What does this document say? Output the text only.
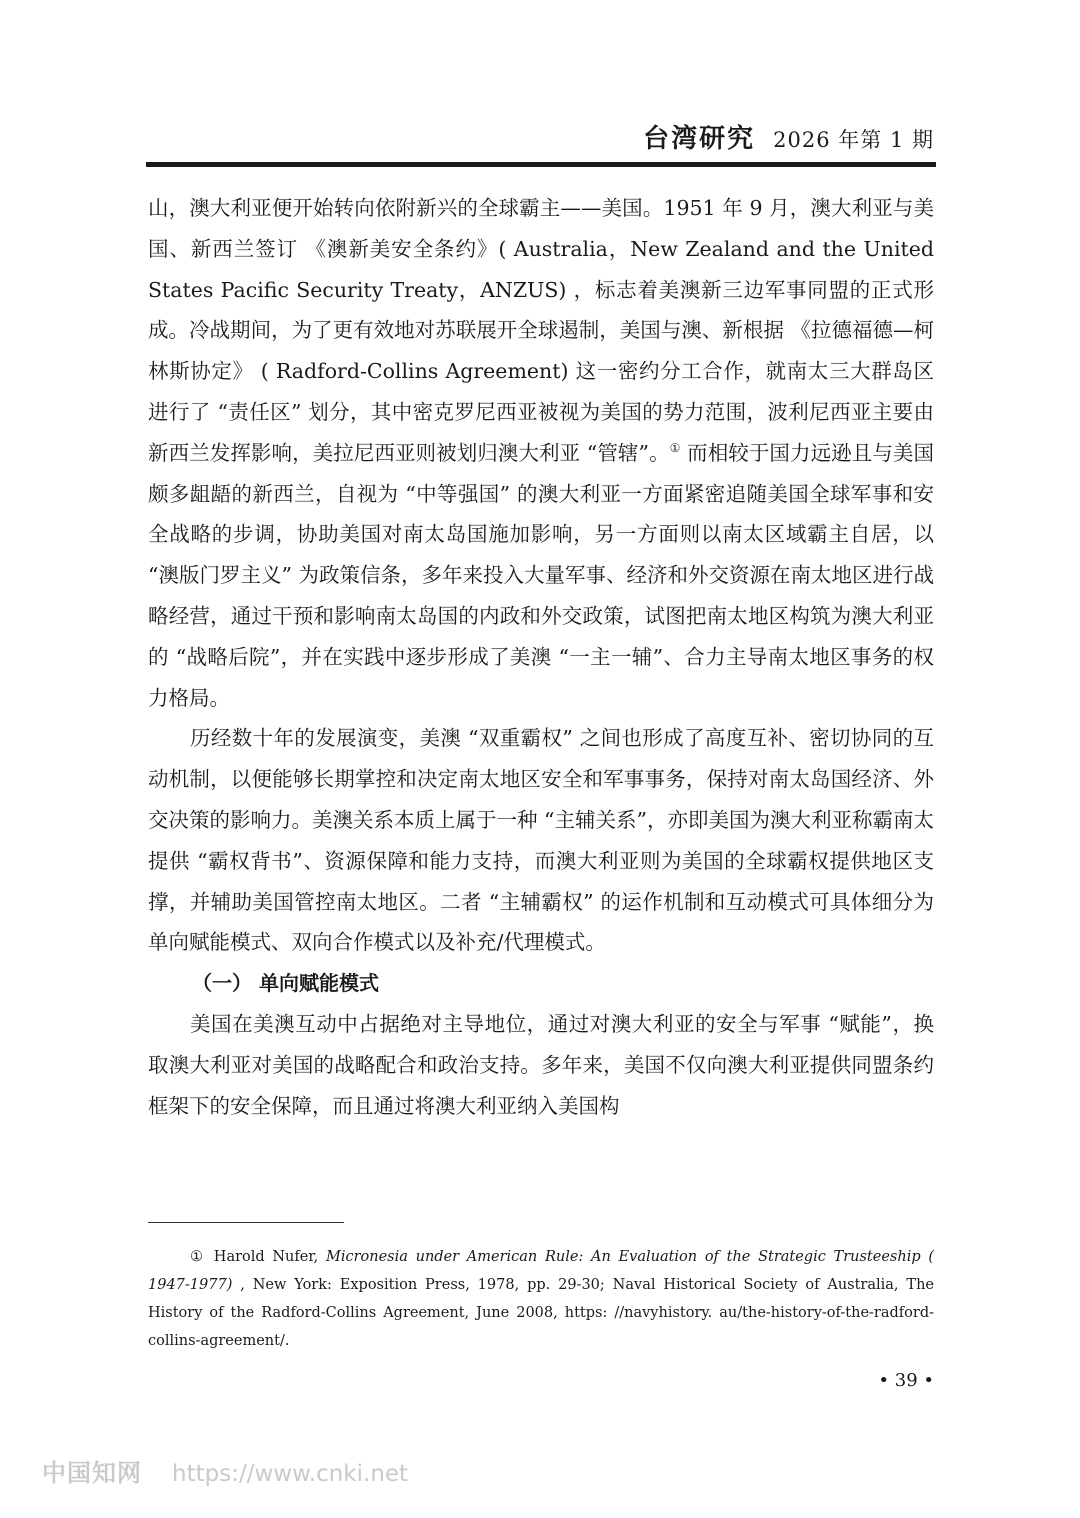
台湾研究 2026 年第 1 期

山，澳大利亚便开始转向依附新兴的全球霸主——美国。1951 年 9 月，澳大利亚与美国、新西兰签订 《澳新美安全条约》( Australia，New Zealand and the United States Pacific Security Treaty，ANZUS) ，标志着美澳新三边军事同盟的正式形成。冷战期间，为了更有效地对苏联展开全球遏制，美国与澳、新根据 《拉德福德—柯林斯协定》 ( Radford-Collins Agreement) 这一密约分工合作，就南太三大群岛区进行了 “责任区” 划分，其中密克罗尼西亚被视为美国的势力范围，波利尼西亚主要由新西兰发挥影响，美拉尼西亚则被划归澳大利亚 “管辖”。① 而相较于国力远逊且与美国颇多龃龉的新西兰，自视为 “中等强国” 的澳大利亚一方面紧密追随美国全球军事和安全战略的步调，协助美国对南太岛国施加影响，另一方面则以南太区域霸主自居，以 “澳版门罗主义” 为政策信条，多年来投入大量军事、经济和外交资源在南太地区进行战略经营，通过干预和影响南太岛国的内政和外交政策，试图把南太地区构筑为澳大利亚的 “战略后院”，并在实践中逐步形成了美澳 “一主一辅”、合力主导南太地区事务的权力格局。

历经数十年的发展演变，美澳 “双重霸权” 之间也形成了高度互补、密切协同的互动机制，以便能够长期掌控和决定南太地区安全和军事事务，保持对南太岛国经济、外交决策的影响力。美澳关系本质上属于一种 “主辅关系”，亦即美国为澳大利亚称霸南太提供 “霸权背书”、资源保障和能力支持，而澳大利亚则为美国的全球霸权提供地区支撑，并辅助美国管控南太地区。二者 “主辅霸权” 的运作机制和互动模式可具体细分为单向赋能模式、双向合作模式以及补充/代理模式。

（一） 单向赋能模式

美国在美澳互动中占据绝对主导地位，通过对澳大利亚的安全与军事 “赋能”，换取澳大利亚对美国的战略配合和政治支持。多年来，美国不仅向澳大利亚提供同盟条约框架下的安全保障，而且通过将澳大利亚纳入美国构

① Harold Nufer, Micronesia under American Rule: An Evaluation of the Strategic Trusteeship ( 1947-1977) , New York: Exposition Press, 1978, pp. 29-30; Naval Historical Society of Australia, The History of the Radford-Collins Agreement, June 2008, https: //navyhistory. au/the-history-of-the-radford-collins-agreement/.

• 39 •
中国知网 https://www.cnki.net
